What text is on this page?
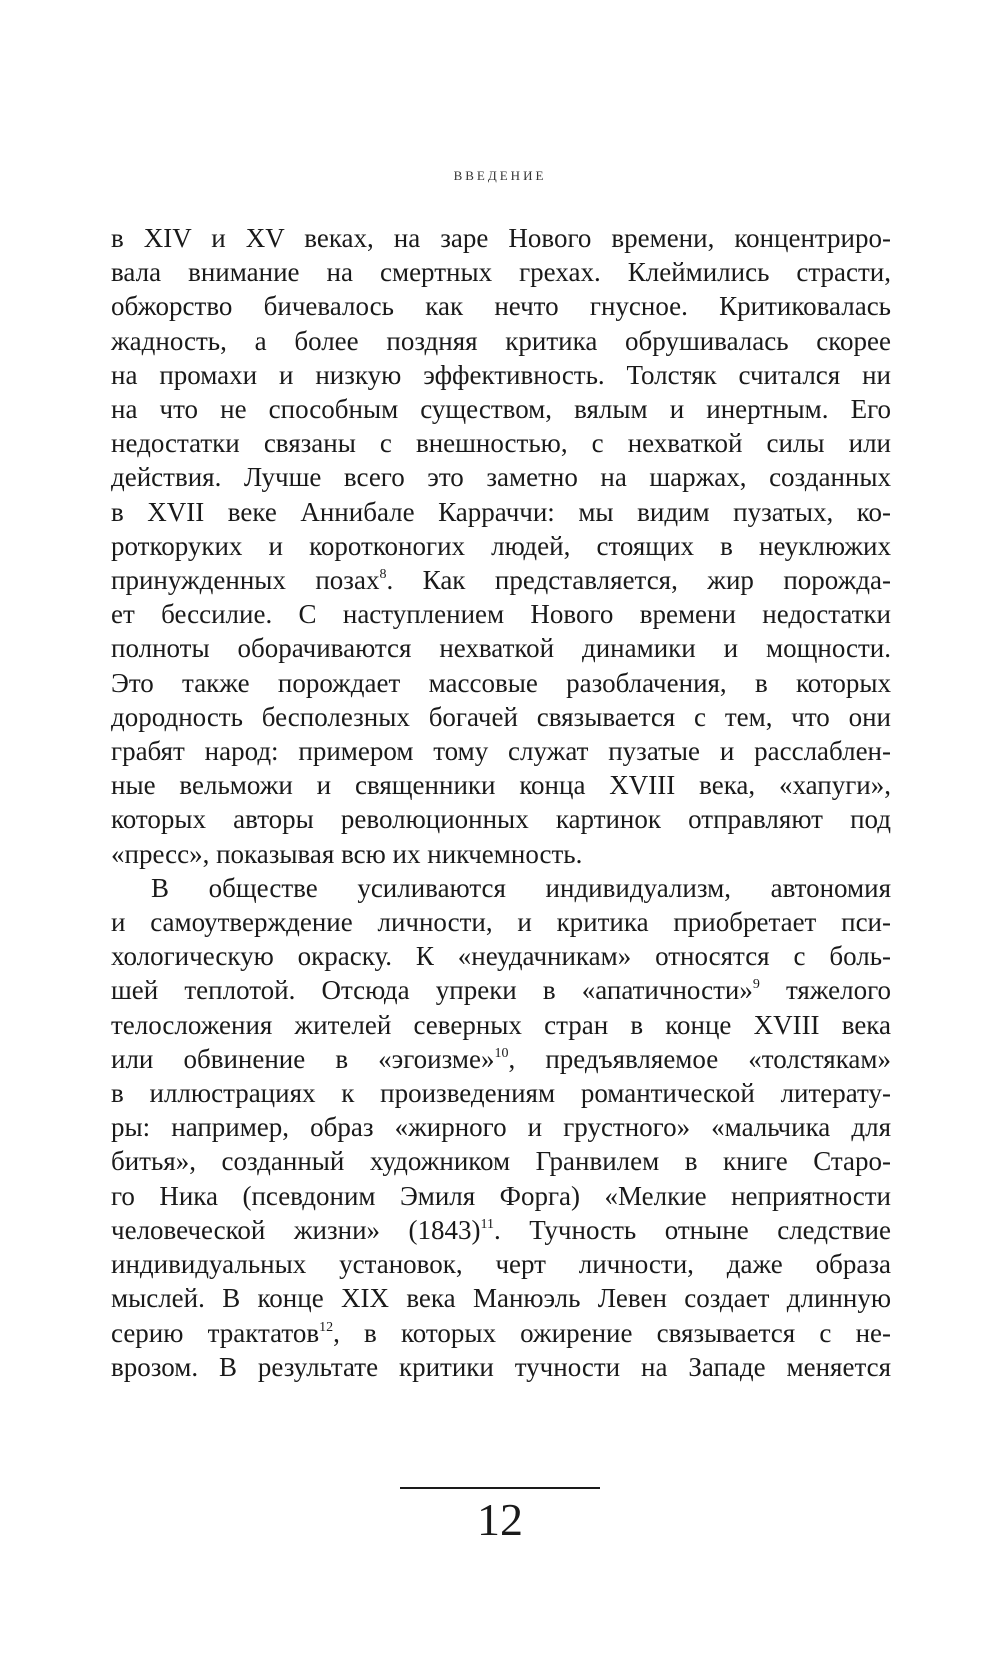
ВВЕДЕНИЕ
в XIV и XV веках, на заре Нового времени, концентриро-
вала внимание на смертных грехах. Клеймились страсти,
обжорство бичевалось как нечто гнусное. Критиковалась
жадность, а более поздняя критика обрушивалась скорее
на промахи и низкую эффективность. Толстяк считался ни
на что не способным существом, вялым и инертным. Его
недостатки связаны с внешностью, с нехваткой силы или
действия. Лучше всего это заметно на шаржах, созданных
в XVII веке Аннибале Карраччи: мы видим пузатых, ко-
роткоруких и коротконогих людей, стоящих в неуклюжих
принужденных позах$^8$. Как представляется, жир порожда-
ет бессилие. С наступлением Нового времени недостатки
полноты оборачиваются нехваткой динамики и мощности.
Это также порождает массовые разоблачения, в которых
дородность бесполезных богачей связывается с тем, что они
грабят народ: примером тому служат пузатые и расслаблен-
ные вельможи и священники конца XVIII века, «хапуги»,
которых авторы революционных картинок отправляют под
«пресс», показывая всю их никчемность.
В обществе усиливаются индивидуализм, автономия
и самоутверждение личности, и критика приобретает пси-
хологическую окраску. К «неудачникам» относятся с боль-
шей теплотой. Отсюда упреки в «апатичности»$^9$ тяжелого
телосложения жителей северных стран в конце XVIII века
или обвинение в «эгоизме»$^{10}$, предъявляемое «толстякам»
в иллюстрациях к произведениям романтической литерату-
ры: например, образ «жирного и грустного» «мальчика для
битья», созданный художником Гранвилем в книге Старо-
го Ника (псевдоним Эмиля Форга) «Мелкие неприятности
человеческой жизни» $(1843)^{11}$. Тучность отныне следствие
индивидуальных установок, черт личности, даже образа
мыслей. В конце XIX века Манюэль Левен создает длинную
серию трактатов$^{12}$, в которых ожирение связывается с не-
врозом. В результате критики тучности на Западе меняется
12
